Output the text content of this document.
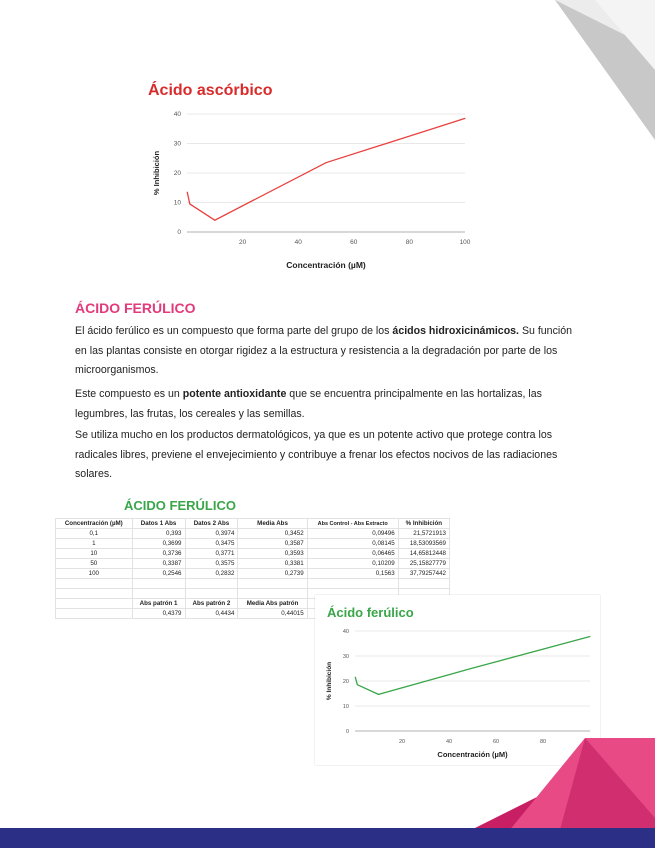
0
10
20
30
40
20	40	60	80	100
Concentración (µM)
% Inhibición
Ácido ascórbico
ÁCIDO FERÚLICO
El ácido ferúlico es un compuesto que forma parte del grupo de los ácidos hidroxicinámicos. Su función en las plantas consiste en otorgar rigidez a la estructura y resistencia a la degradación por parte de los microorganismos.
Este compuesto es un potente antioxidante que se encuentra principalmente en las hortalizas, las legumbres, las frutas, los cereales y las semillas.
Se utiliza mucho en los productos dermatológicos, ya que es un potente activo que protege contra los radicales libres, previene el envejecimiento y contribuye a frenar los efectos nocivos de las radiaciones solares.
ÁCIDO FERÚLICO
Concentración (µM)	Datos 1 Abs	Datos 2 Abs	Media Abs	Abs Control - Abs Extracto	% Inhibición
0,1	0,393	0,3974	0,3452	0,09496	21,5721913
1	0,3699	0,3475	0,3587	0,08145	18,53093569
10	0,3736	0,3771	0,3593	0,06465	14,65812448
50	0,3387	0,3575	0,3381	0,10209	25,15827779
100	0,2546	0,2832	0,2739	0,1563	37,79257442

	Abs patrón 1	Abs patrón 2	Media Abs patrón		
	0,4379	0,4434	0,44015		
0
10
20
30
40
20	40	60	80
Concentración (µM)
% Inhibición
Ácido ferúlico
